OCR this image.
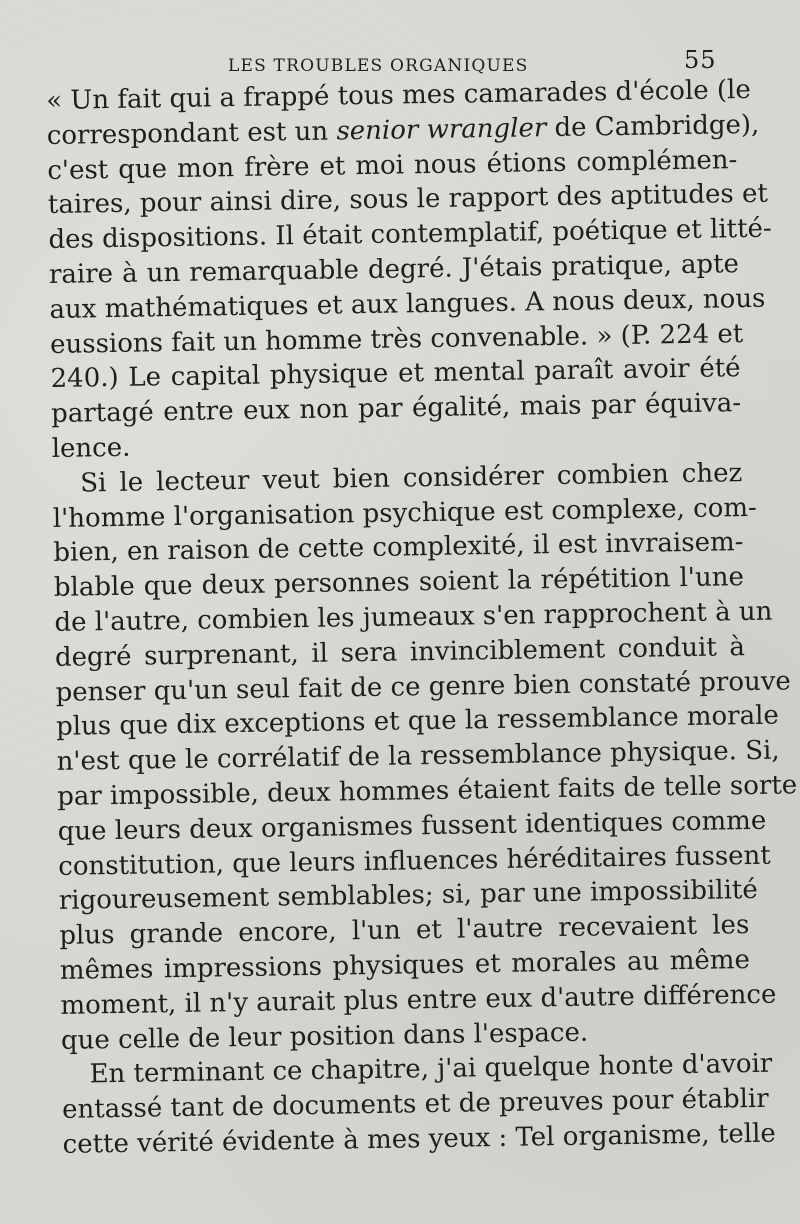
LES TROUBLES ORGANIQUES	55
« Un fait qui a frappé tous mes camarades d'école (le
correspondant est un senior wrangler de Cambridge),
c'est que mon frère et moi nous étions complémen-
taires, pour ainsi dire, sous le rapport des aptitudes et
des dispositions. Il était contemplatif, poétique et litté-
raire à un remarquable degré. J'étais pratique, apte
aux mathématiques et aux langues. A nous deux, nous
eussions fait un homme très convenable. » (P. 224 et
240.) Le capital physique et mental paraît avoir été
partagé entre eux non par égalité, mais par équiva-
lence.
Si le lecteur veut bien considérer combien chez
l'homme l'organisation psychique est complexe, com-
bien, en raison de cette complexité, il est invraisem-
blable que deux personnes soient la répétition l'une
de l'autre, combien les jumeaux s'en rapprochent à un
degré surprenant, il sera invinciblement conduit à
penser qu'un seul fait de ce genre bien constaté prouve
plus que dix exceptions et que la ressemblance morale
n'est que le corrélatif de la ressemblance physique. Si,
par impossible, deux hommes étaient faits de telle sorte
que leurs deux organismes fussent identiques comme
constitution, que leurs influences héréditaires fussent
rigoureusement semblables; si, par une impossibilité
plus grande encore, l'un et l'autre recevaient les
mêmes impressions physiques et morales au même
moment, il n'y aurait plus entre eux d'autre différence
que celle de leur position dans l'espace.
En terminant ce chapitre, j'ai quelque honte d'avoir
entassé tant de documents et de preuves pour établir
cette vérité évidente à mes yeux : Tel organisme, telle
